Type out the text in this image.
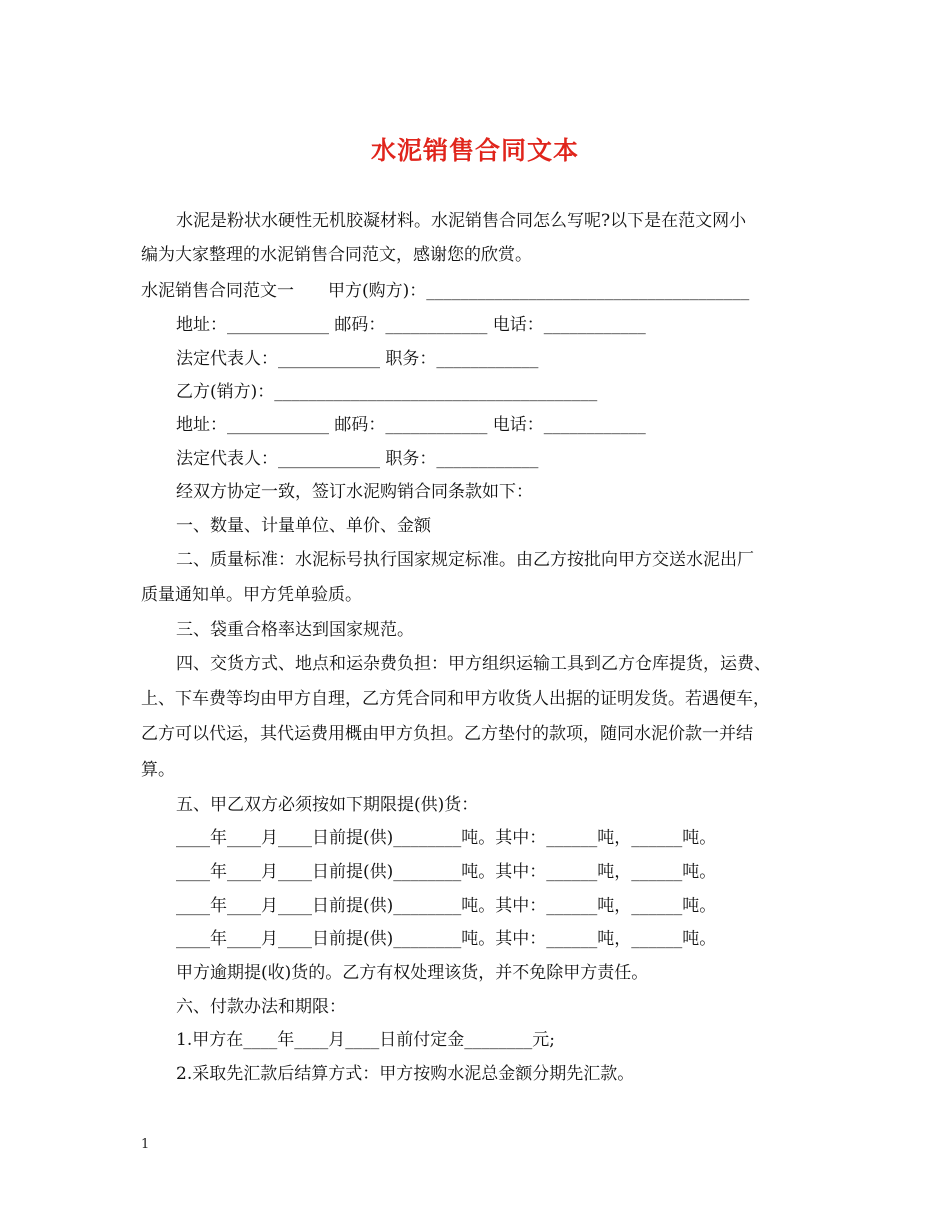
水泥销售合同文本
水泥是粉状水硬性无机胶凝材料。水泥销售合同怎么写呢?以下是在范文网小
编为大家整理的水泥销售合同范文，感谢您的欣赏。
水泥销售合同范文一　　甲方(购方)：______________________________________
地址：____________ 邮码：____________ 电话：____________
法定代表人：____________ 职务：____________
乙方(销方)：______________________________________
地址：____________ 邮码：____________ 电话：____________
法定代表人：____________ 职务：____________
经双方协定一致，签订水泥购销合同条款如下：
一、数量、计量单位、单价、金额
二、质量标准：水泥标号执行国家规定标准。由乙方按批向甲方交送水泥出厂
质量通知单。甲方凭单验质。
三、袋重合格率达到国家规范。
四、交货方式、地点和运杂费负担：甲方组织运输工具到乙方仓库提货，运费、
上、下车费等均由甲方自理，乙方凭合同和甲方收货人出据的证明发货。若遇便车，
乙方可以代运，其代运费用概由甲方负担。乙方垫付的款项，随同水泥价款一并结
算。
五、甲乙双方必须按如下期限提(供)货：
____年____月____日前提(供)________吨。其中：______吨，______吨。
____年____月____日前提(供)________吨。其中：______吨，______吨。
____年____月____日前提(供)________吨。其中：______吨，______吨。
____年____月____日前提(供)________吨。其中：______吨，______吨。
甲方逾期提(收)货的。乙方有权处理该货，并不免除甲方责任。
六、付款办法和期限：
1.甲方在____年____月____日前付定金________元;
2.采取先汇款后结算方式：甲方按购水泥总金额分期先汇款。
1
